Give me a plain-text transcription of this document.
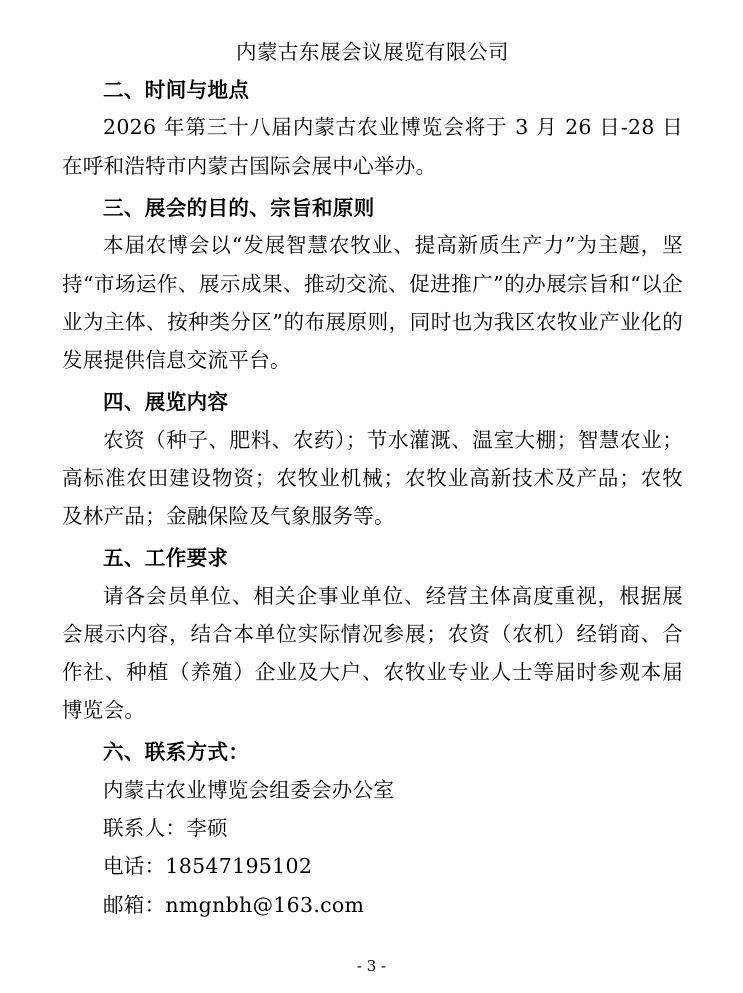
内蒙古东展会议展览有限公司
二、时间与地点
2026 年第三十八届内蒙古农业博览会将于 3 月 26 日-28 日在呼和浩特市内蒙古国际会展中心举办。
三、展会的目的、宗旨和原则
本届农博会以“发展智慧农牧业、提高新质生产力”为主题，坚持“市场运作、展示成果、推动交流、促进推广”的办展宗旨和“以企业为主体、按种类分区”的布展原则，同时也为我区农牧业产业化的发展提供信息交流平台。
四、展览内容
农资（种子、肥料、农药）；节水灌溉、温室大棚；智慧农业；高标准农田建设物资；农牧业机械；农牧业高新技术及产品；农牧及林产品；金融保险及气象服务等。
五、工作要求
请各会员单位、相关企事业单位、经营主体高度重视，根据展会展示内容，结合本单位实际情况参展；农资（农机）经销商、合作社、种植（养殖）企业及大户、农牧业专业人士等届时参观本届博览会。
六、联系方式：
内蒙古农业博览会组委会办公室
联系人：李硕
电话：18547195102
邮箱：nmgnbh@163.com
- 3 -
